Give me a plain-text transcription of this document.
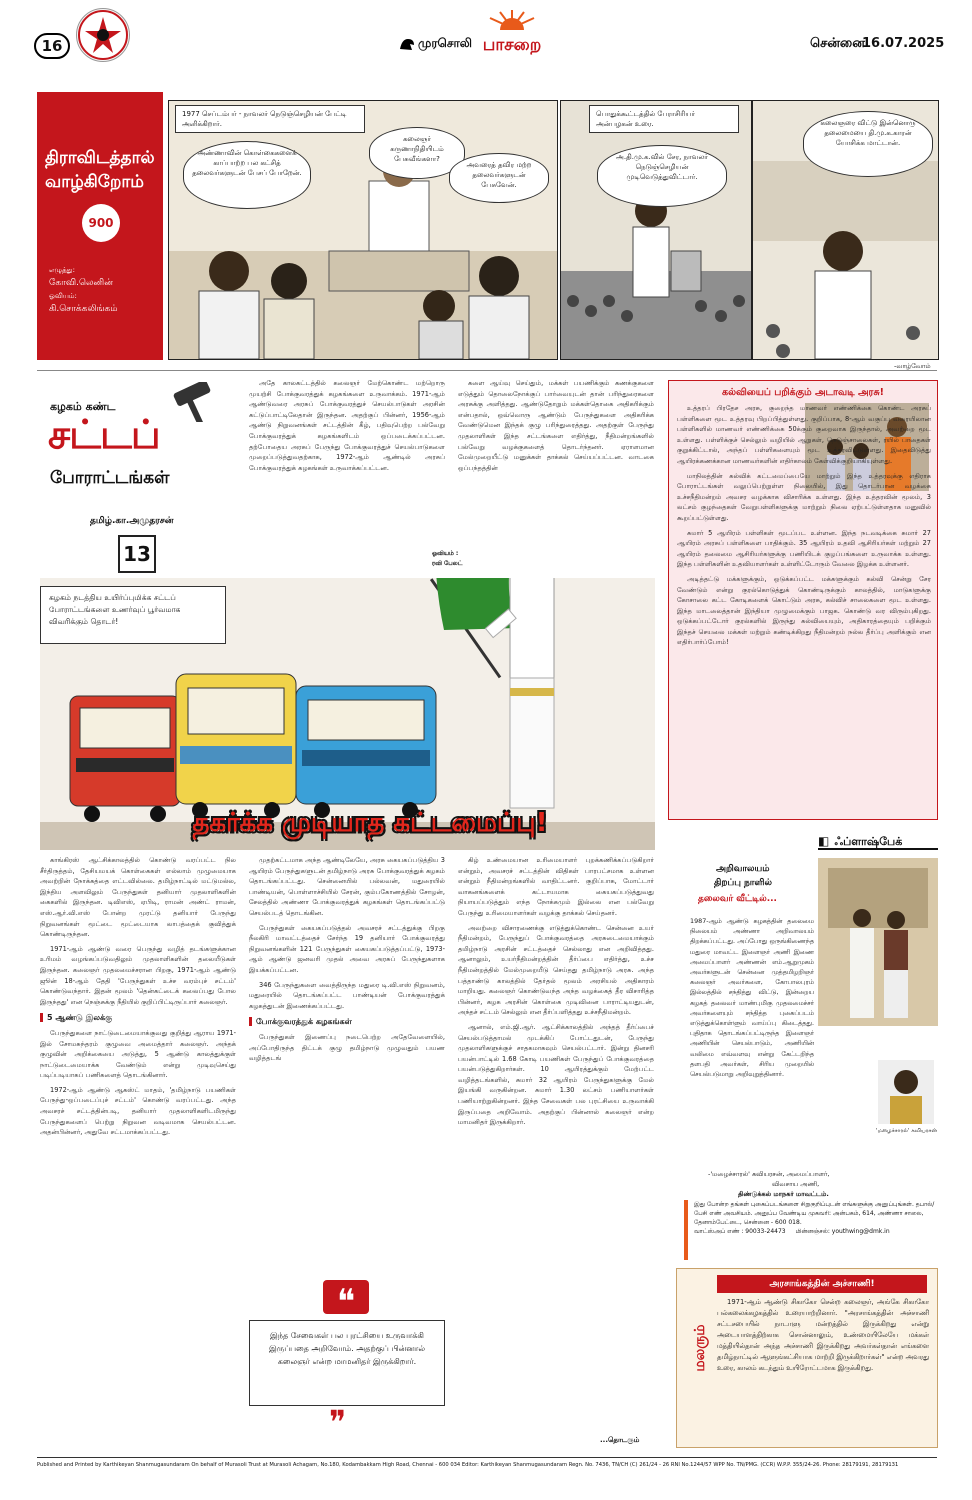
16	முரசொலி பாசறை	சென்னை
16.07.2025
திராவிடத்தால் வாழ்கிறோம்
900
எழுத்து:
கோவி.லெனின்
ஓவியம்:
கி.சொக்கலிங்கம்
1977 செப்டம்பர் - நாவலர் நெடுஞ்செழியன் பேட்டி அளிக்கிறார்.
அண்ணாவின் கொள்கைகளைக் காப்பாற்ற பல கட்சித் தலைவர்களுடன் பேசப் போறேன்.
கலைஞர் கருணாநிதியிடம் பேசுவீங்களா?
அவரைத் தவிர மற்ற தலைவர்களுடன் பேசுவேன்.
பொதுக்கூட்டத்தில் பேராசிரியர் அன்பழகன் உரை.
அ.தி.மு.க.வில் சேர, நாவலர் நெடுஞ்செழியன் முடிவெடுத்துவிட்டார்.
கலைஞரை விட்டு இன்னொரு தலைமையை தி.மு.க.காரன் யோசிக்க மாட்டான்.
-வாழ்வோம்
கழகம் கண்ட
சட்டப்
போராட்டங்கள்
தமிழ்.கா.அமுதரசன்
13
கழகம் நடத்திய உயிர்ப்புமிக்க சட்டப் போராட்டங்களை உணர்வுப் பூர்வமாக விவரிக்கும் தொடர்!
ஓவியம் :
ரவி பேலட்
தகர்க்க முடியாத கட்டமைப்பு!

அதே காலகட்டத்தில் கலைஞர் மேற்கொண்ட மற்றொரு முயற்சி போக்குவரத்துக் கழகங்களை உருவாக்கம். 1971-ஆம் ஆண்டுவரை அரசுப் போக்குவரத்துச் செயல்பாடுகள் அரசின் கட்டுப்பாட்டிலேதான் இருந்தன. அதற்குப் பின்னர், 1956-ஆம் ஆண்டு நிறுவனங்கள் சட்டத்தின் கீழ், பதிவுபெற்ற பல்வேறு போக்குவரத்துக் கழகங்களிடம் ஒப்படைக்கப்பட்டன. தற்போதைய அரசுப் பேருந்து போக்குவரத்துச் செயல்பாடுகளை முறைப்படுத்துவதற்காக, 1972-ஆம் ஆண்டில் அரசுப் போக்குவரத்துக் கழகங்கள் உருவாக்கப்பட்டன.

களை ஆய்வு செய்தும், மக்கள் பயணிக்கும் கணக்குகளை எடுத்தும் தொலைநோக்குப் பார்வையுடன் தான் பரிந்துரைகளை அரசுக்கு அளித்தது. ஆண்டுதோறும் மக்கள்தொகை அதிகரிக்கும் என்பதால், ஒவ்வொரு ஆண்டும் பேருந்துகளை அதிகரிக்க வேண்டுமென இந்தக் குழு பரிந்துரைத்தது. அதற்குள் பேருந்து முதலாளிகள் இந்த சட்டங்களை எதிர்த்து, நீதிமன்றங்களில் பல்வேறு வழக்குகளைத் தொடர்ந்தனர். ஏராளமான மேல்முறையீட்டு மனுக்கள் தாக்கல் செய்யப்பட்டன. வாடகை ஒப்பந்தத்தின்

காங்கிரஸ் ஆட்சிக்காலத்தில் கொண்டு வரப்பட்ட நில சீர்திருத்தம், தேசியமயக் கொள்கைகள் எல்லாம் முழுமையாக அவற்றின் நோக்கத்தை எட்டவில்லை. தமிழ்நாட்டில் மட்டுமல்ல, இந்திய அளவிலும் பேருந்துகள் தனியார் முதலாளிகளின் கைகளில் இருந்தன. டிவிஎஸ், ஏபிடி, ராமன் அண்ட் ராமன், எஸ்.ஆர்.வி.எஸ் போன்ற முரட்டு தனியார் பேருந்து நிறுவனங்கள் மூட்டை மூட்டையாக லாபத்தைக் குவித்துக் கொண்டிருந்தன.

1971-ஆம் ஆண்டு வரை பெருந்து வழித் தடங்களுக்கான உரிமம் வழங்கப்படுவதிலும் முதலாளிகளின் தலையீடுகள் இருந்தன. கலைஞர் முதலமைச்சரான பிறகு, 1971-ஆம் ஆண்டு ஜூன் 18-ஆம் தேதி 'பேருந்துகள் உச்ச வரம்புச் சட்டம்' கொண்டுவந்தார். இதன் மூலம் 'தென்கட்டைக் கலைப்பது போல இருந்தது' என நெஞ்சுக்கு நீதியில் குறிப்பிட்டிருப்பார் கலைஞர்.

5 ஆண்டு இலக்கு

பேருந்துகளை நாட்டுடைமையாக்குவது குறித்து ஆராய 1971-இல் சோமசுந்தரம் குழுவை அமைத்தார் கலைஞர். அந்தக் குழுவின் அறிக்கையை அடுத்து, 5 ஆண்டு காலத்துக்குள் நாட்டுடைமையாக்க வேண்டும் என்று முடிவுசெய்து படிப்படியாகப் பணிகளைத் தொடங்கினார்.

1972-ஆம் ஆண்டு ஆகஸ்ட் மாதம், 'தமிழ்நாடு பயணிகள் பேருந்து-ஒப்படைப்புச் சட்டம்' கொண்டு வரப்பட்டது. அந்த அவசரச் சட்டத்தின்படி, தனியார் முதலாளிகளிடமிருந்து பேருந்துகளைப் பெற்று நிறுவன வடிவமாக செயல்பட்டன. அதன்பின்னர், அதுவே சட்டமாக்கப்பட்டது.

முதற்கட்டமாக அந்த ஆண்டிலேயே, அரசு கையகப்படுத்திய 3 ஆயிரம் பேருந்துகளுடன் தமிழ்நாடு அரசு போக்குவரத்துக் கழகம் தொடங்கப்பட்டது. சென்னையில் பல்லவன், மதுரையில் பாண்டியன், பொள்ளாச்சியில் சேரன், கும்பகோணத்தில் சோழன், சேலத்தில் அண்ணா போக்குவரத்துக் கழகங்கள் தொடங்கப்பட்டு செயல்படத் தொடங்கின.

பேருந்துகள் கையகப்படுத்தல் அவசரச் சட்டத்துக்கு பிறகு நீலகிரி மாவட்டத்தைச் சேர்ந்த 19 தனியார் போக்குவரத்து நிறுவனங்களின் 121 பேருந்துகள் கையகப்படுத்தப்பட்டு, 1973-ஆம் ஆண்டு ஜனவரி முதல் அவை அரசுப் பேருந்துகளாக இயக்கப்பட்டன.

346 பேருந்துகளை வைத்திருந்த மதுரை டி.வி.எஸ் நிறுவனம், மதுரையில் தொடங்கப்பட்ட பாண்டியன் போக்குவரத்துக் கழகத்துடன் இணைக்கப்பட்டது.

போக்குவரத்துக் கழகங்கள்

பேருந்துகள் இணைப்பு நடைபெற்ற அதேவேளையில், அப்போதிருந்த திட்டக் குழு தமிழ்நாடு முழுவதும் பயண வழித்தடங்

❝
இந்த சேவைகள் பல புரட்சியை உருவாக்கி இருப்பதை அறிவோம். அதற்குப் பின்னால் கலைஞர் என்ற மாமனிதர் இருக்கிறார்.
❞

கிழ் உண்மையான உரிமையாளர் புறக்கணிக்கப்படுகிறார் என்றும், அவசரச் சட்டத்தின் விதிகள் பாரபட்சமாக உள்ளன என்றும் நீதிமன்றங்களில் வாதிட்டனர். குறிப்பாக, மோட்டார் வாகனங்களைக் கட்டாயமாக கையகப்படுத்துவது நியாயப்படுத்தும் எந்த நோக்கமும் இல்லை என பல்வேறு பேருந்து உரிமையாளர்கள் வழக்கு தாக்கல் செய்தனர்.

அவற்றை விசாரணைக்கு எடுத்துக்கொண்ட சென்னை உயர் நீதிமன்றம், பேருந்துப் போக்குவரத்தை அரசுடைமையாக்கும் தமிழ்நாடு அரசின் சட்டத்தைச் செல்லாது என அறிவித்தது. ஆனாலும், உயர்நீதிமன்றத்தின் தீர்ப்பை எதிர்த்து, உச்ச நீதிமன்றத்தில் மேல்முறையீடு செய்தது தமிழ்நாடு அரசு. அந்த பத்தாண்டு காலத்தில் தேர்தல் மூலம் அரசியல் அதிகாரம் மாறியது. கலைஞர் கொண்டுவந்த அந்த வழக்கைத் தீர விசாரித்த பின்னர், கழக அரசின் கொள்கை முடிவினை பாராட்டியதுடன், அந்தச் சட்டம் செல்லும் என தீர்ப்பளித்தது உச்சநீதிமன்றம்.

ஆனால், எம்.ஜி.ஆர். ஆட்சிக்காலத்தில் அந்தத் தீர்ப்பைச் செயல்படுத்தாமல் முடக்கிப் போட்டதுடன், பேருந்து முதலாளிகளுக்குச் சாதகமாகவும் செயல்பட்டார். இன்று தினசரி பயன்பாட்டில் 1.68 கோடி பயணிகள் பேருந்துப் போக்குவரத்தை பயன்படுத்துகிறார்கள். 10 ஆயிரத்துக்கும் மேற்பட்ட வழித்தடங்களில், சுமார் 32 ஆயிரம் பேருந்துகளுக்கு மேல் இயங்கி வருகின்றன. சுமார் 1.30 லட்சம் பணியாளர்கள் பணியாற்றுகின்றனர். இந்த சேவைகள் பல புரட்சியை உருவாக்கி இருப்பதை அறிவோம். அதற்குப் பின்னால் கலைஞர் என்ற மாமனிதர் இருக்கிறார்.

...தொடரும்
கல்வியைப் பறிக்கும் அடாவடி அரசு!

உத்தரப் பிரதேச அரசு, குறைந்த மாணவர் எண்ணிக்கை கொண்ட அரசுப் பள்ளிகளை மூட உத்தரவு பிறப்பித்துள்ளது. குறிப்பாக, 8-ஆம் வகுப்பு வரையிலான பள்ளிகளில் மாணவர் எண்ணிக்கை 50க்கும் குறைவாக இருந்தால், அவற்றை மூட உள்ளது. பள்ளிக்குச் செல்லும் வழியில் ஆறுகள், நெடுஞ்சாலைகள், ரயில் பாதைகள் குறுக்கிட்டால், அந்தப் பள்ளிகளையும் மூட உத்தரவிட்டுள்ளது. இதைவிடுத்து ஆயிரக்கணக்கான மாணவர்களின் எதிர்காலம் கேள்விக்குறியாகியுள்ளது.

மாநிலத்தின் கல்விக் கட்டமைப்பையே மாற்றும் இந்த உத்தரவுக்கு எதிராக போராட்டங்கள் வலுப்பெற்றுள்ள நிலையில், இது தொடர்பான வழக்கை உச்சநீதிமன்றம் அவசர வழக்காக விசாரிக்க உள்ளது. இந்த உத்தரவின் மூலம், 3 லட்சம் குழந்தைகள் வேறுபள்ளிகளுக்கு மாற்றும் நிலை ஏற்பட்டுள்ளதாக மனுவில் கூறப்பட்டுள்ளது.

சுமார் 5 ஆயிரம் பள்ளிகள் மூடப்பட உள்ளன. இந்த நடவடிக்கை சுமார் 27 ஆயிரம் அரசுப் பள்ளிகளை பாதிக்கும். 35 ஆயிரம் உதவி ஆசிரியர்கள் மற்றும் 27 ஆயிரம் தலைமை ஆசிரியர்களுக்கு பணியிடக் குழப்பங்களை உருவாக்க உள்ளது. இந்த பள்ளிகளின் உதவியாளர்கள் உள்ளிட்டோரும் வேலை இழக்க உள்ளனர்.

அடித்தட்டு மக்களுக்கும், ஒடுக்கப்பட்ட மக்களுக்கும் கல்வி சென்று சேர வேண்டும் என்று குரல்கொடுத்துக் கொண்டிருக்கும் காலத்தில், மாடுகளுக்கு கோசாலை கட்ட கோடிகளைக் கொட்டும் அரசு, கல்விச் சாலைகளை மூட உள்ளது. இந்த மாடலைத்தான் இந்தியா முழுமைக்கும் பாஜக. கொண்டு வர விரும்புகிறது. ஒடுக்கப்பட்டோர் குரல்களில் இருந்து கல்வியையும், அதிகாரத்தையும் பறிக்கும் இந்தச் செயலை மக்கள் மற்றும் கண்டிக்கிறது நீதிமன்றம் நல்ல தீர்ப்பு அளிக்கும் என எதிர்பார்ப்போம்!

◧ ஃப்ளாஷ்பேக்
அறிவாலயம்
திறப்பு நாளில்
தலைவர் வீட்டில்...

1987-ஆம் ஆண்டு கழகத்தின் தலைமை நிலையம் அண்ணா அறிவாலயம் திறக்கப்பட்டது. அப்போது ஒருங்கிணைந்த மதுரை மாவட்ட இளைஞர் அணி இணை அமைப்பாளர் அண்ணன் எம்.ஆறுமுகம் அவர்களுடன் சென்னை முத்தமிழறிஞர் கலைஞர் அவர்களை, கோபாலபுரம் இல்லத்தில் சந்தித்து விட்டு, இன்றைய கழகத் தலைவர் மாண்புமிகு முதலமைச்சர் அவர்களையும் சந்தித்த புகைப்படம் எடுத்துக்கொள்ளும் வாய்ப்பு கிடைத்தது. புதிதாக தொடங்கப்பட்டிருந்த இளைஞர் அணியின் செயல்பாடும், அணியின் வலிமை எவ்வளவு என்று கேட்டறிந்த தளபதி அவர்கள், சிரிய முறையில் செயல்படுமாறு அறிவுறுத்தினார்.

'மழைச்சாரல்' கவியரசன்
-'மழைச்சாரல்' கவியரசன், அமைப்பாளர்,
விவசாய அணி,
திண்டுக்கல் மாநகர் மாவட்டம்.
இது போன்ற தங்கள் புகைப்படங்களை சிறுகுறிப்புடன் எங்களுக்கு அனுப்புங்கள். தபால்/பேசி எண் அவசியம். அனுப்ப வேண்டிய முகவரி: அன்பகம், 614, அண்ணா சாலை, தேனாம்பேட்டை, சென்னை - 600 018.
வாட்ஸ்அப் எண் : 90033-24473 மின்னஞ்சல்: youthwing@dmk.in
மலரும்
அரசாங்கத்தின் அச்சாணி!

1971-ஆம் ஆண்டு சிகாகோ சென்ற கலைஞர், அங்கே சிகாகோ பல்கலைக்கழகத்தில் உரையாற்றினார். "அரசாங்கத்தின் அச்சாணி சட்டசபையில் நாடாளு மன்றத்தில் இருக்கிறது என்று அடையாளத்திற்காக சொன்னாலும், உண்மையிலேயே மக்கள் மத்தியில்தான் அந்த அச்சாணி இருக்கிறது அவர்கள்தான் எங்களை தமிழ்நாட்டில் ஆளுங்கட்சியாக மாற்றி இருக்கிறார்கள்" என்ற அவரது உரை, காலம் கடந்தும் உயிரோட்டமாக இருக்கிறது.

Published and Printed by Karthikeyan Shanmugasundaram On behalf of Murasoli Trust at Murasoli Achagam, No.180, Kodambakkam High Road, Chennai - 600 034 Editor: Karthikeyan Shanmugasundaram Regn. No. 7436, TN/CH (C) 261/24 - 26 RNI No.1244/57 WPP No. TN/PMG. (CCR) W.P.P. 355/24-26. Phone: 28179191, 28179131
